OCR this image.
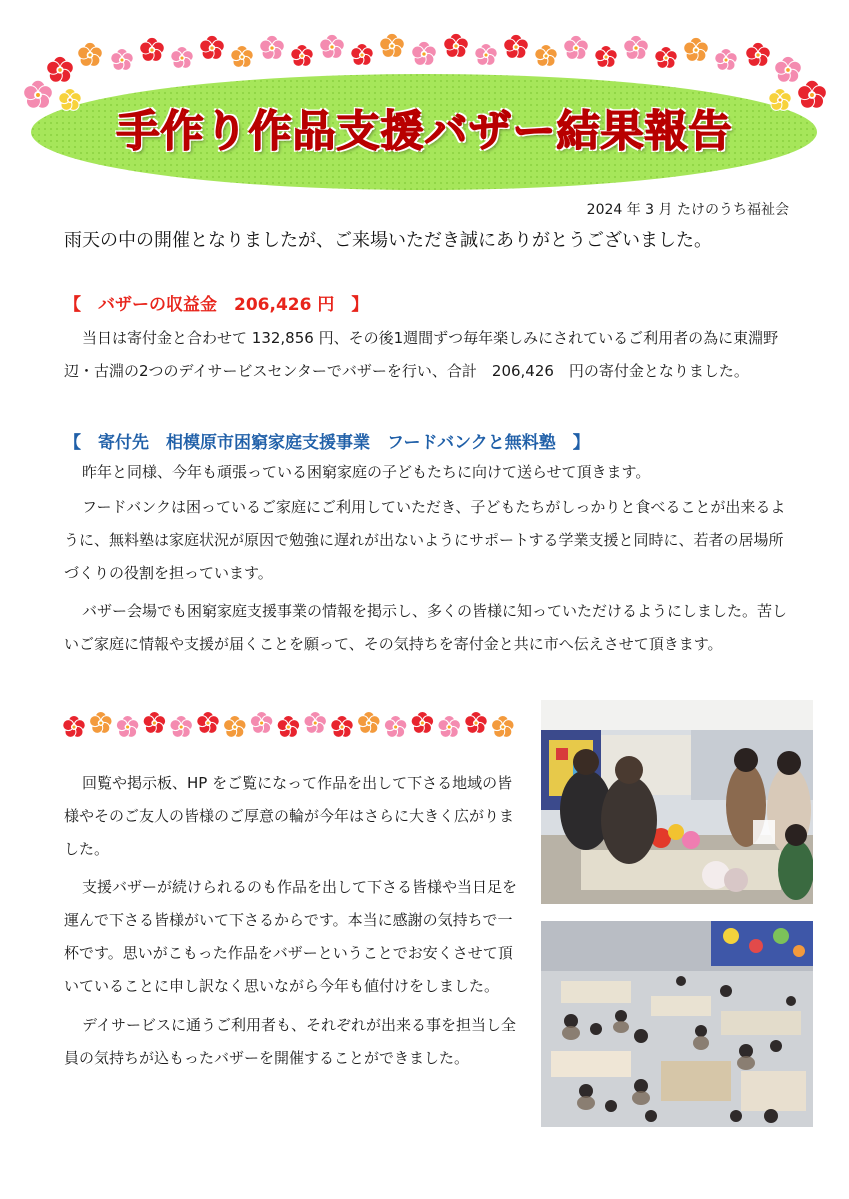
手作り作品支援バザー結果報告
2024 年 3 月 たけのうち福祉会
雨天の中の開催となりましたが、ご来場いただき誠にありがとうございました。
【　バザーの収益金　206,426 円　】

当日は寄付金と合わせて 132,856 円、その後1週間ずつ毎年楽しみにされているご利用者の為に東淵野辺・古淵の2つのデイサービスセンターでバザーを行い、合計　206,426　円の寄付金となりました。

【　寄付先　相模原市困窮家庭支援事業　フードバンクと無料塾　】

昨年と同様、今年も頑張っている困窮家庭の子どもたちに向けて送らせて頂きます。

フードバンクは困っているご家庭にご利用していただき、子どもたちがしっかりと食べることが出来るように、無料塾は家庭状況が原因で勉強に遅れが出ないようにサポートする学業支援と同時に、若者の居場所づくりの役割を担っています。

バザー会場でも困窮家庭支援事業の情報を掲示し、多くの皆様に知っていただけるようにしました。苦しいご家庭に情報や支援が届くことを願って、その気持ちを寄付金と共に市へ伝えさせて頂きます。

回覧や掲示板、HP をご覧になって作品を出して下さる地域の皆様やそのご友人の皆様のご厚意の輪が今年はさらに大きく広がりました。

支援バザーが続けられるのも作品を出して下さる皆様や当日足を運んで下さる皆様がいて下さるからです。本当に感謝の気持ちで一杯です。思いがこもった作品をバザーということでお安くさせて頂いていることに申し訳なく思いながら今年も値付けをしました。

デイサービスに通うご利用者も、それぞれが出来る事を担当し全員の気持ちが込もったバザーを開催することができました。
